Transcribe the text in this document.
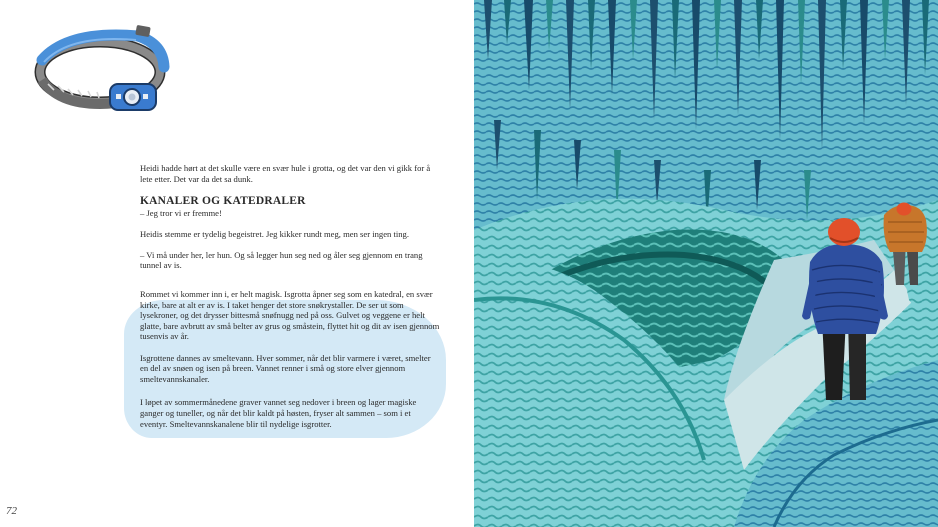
Heidi hadde hørt at det skulle være en svær hule i grotta, og det var den vi gikk for å lete etter. Det var da det sa dunk.

KANALER OG KATEDRALER

– Jeg tror vi er fremme!

Heidis stemme er tydelig begeistret. Jeg kikker rundt meg, men ser ingen ting.

– Vi må under her, ler hun. Og så legger hun seg ned og åler seg gjennom en trang tunnel av is.

Rommet vi kommer inn i, er helt magisk. Isgrotta åpner seg som en katedral, en svær kirke, bare at alt er av is. I taket henger det store snøkrystaller. De ser ut som lysekroner, og det drysser bittesmå snøfnugg ned på oss. Gulvet og veggene er helt glatte, bare avbrutt av små belter av grus og småstein, flyttet hit og dit av isen gjennom tusenvis av år.

Isgrottene dannes av smeltevann. Hver sommer, når det blir varmere i været, smelter en del av snøen og isen på breen. Vannet renner i små og store elver gjennom smeltevannskanaler.

I løpet av sommermånedene graver vannet seg nedover i breen og lager magiske ganger og tuneller, og når det blir kaldt på høsten, fryser alt sammen – som i et eventyr. Smeltevannskanalene blir til nydelige isgrotter.

72
